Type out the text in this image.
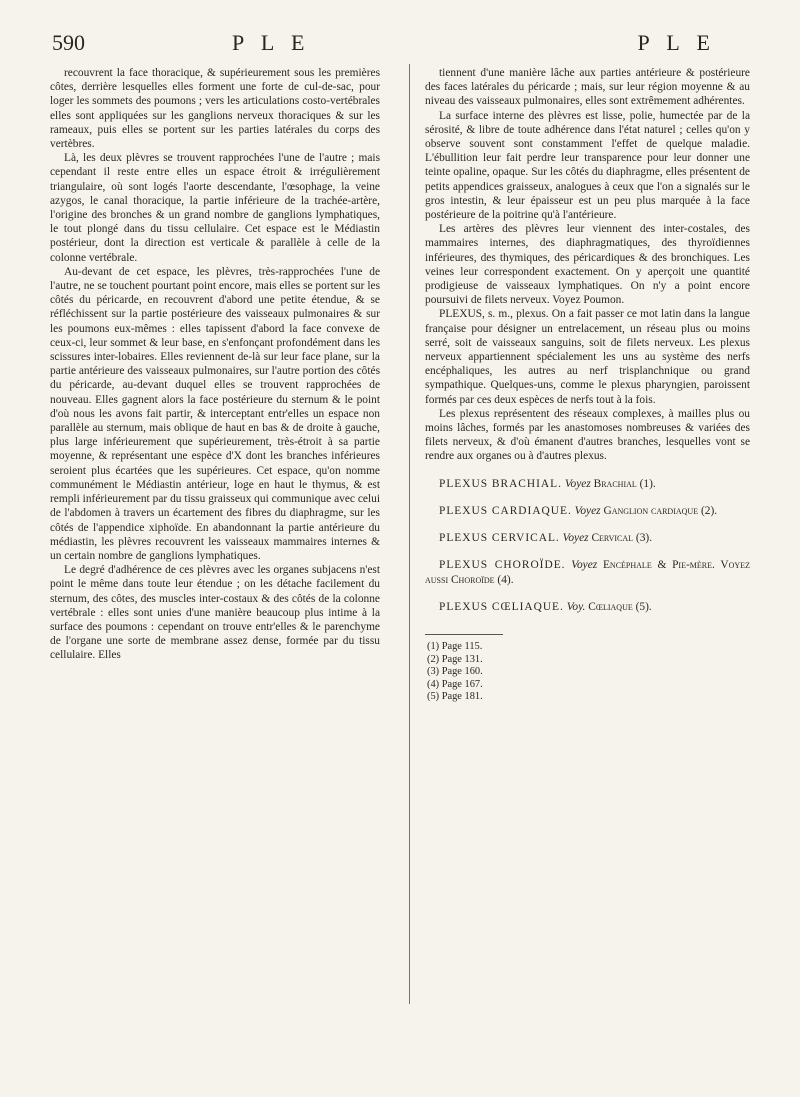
590	P L E	P L E

recouvrent la face thoracique, & supérieurement sous les premières côtes, derrière lesquelles elles forment une forte de cul-de-sac, pour loger les sommets des poumons ; vers les articulations costo-vertébrales elles sont appliquées sur les ganglions nerveux thoraciques & sur les rameaux, puis elles se portent sur les parties latérales du corps des vertèbres.

Là, les deux plèvres se trouvent rapprochées l'une de l'autre ; mais cependant il reste entre elles un espace étroit & irrégulièrement triangulaire, où sont logés l'aorte descendante, l'œsophage, la veine azygos, le canal thoracique, la partie inférieure de la trachée-artère, l'origine des bronches & un grand nombre de ganglions lymphatiques, le tout plongé dans du tissu cellulaire. Cet espace est le Médiastin postérieur, dont la direction est verticale & parallèle à celle de la colonne vertébrale.

Au-devant de cet espace, les plèvres, très-rapprochées l'une de l'autre, ne se touchent pourtant point encore, mais elles se portent sur les côtés du péricarde, en recouvrent d'abord une petite étendue, & se réfléchissent sur la partie postérieure des vaisseaux pulmonaires & sur les poumons eux-mêmes : elles tapissent d'abord la face convexe de ceux-ci, leur sommet & leur base, en s'enfonçant profondément dans les scissures inter-lobaires. Elles reviennent de-là sur leur face plane, sur la partie antérieure des vaisseaux pulmonaires, sur l'autre portion des côtés du péricarde, au-devant duquel elles se trouvent rapprochées de nouveau. Elles gagnent alors la face postérieure du sternum & le point d'où nous les avons fait partir, & interceptant entr'elles un espace non parallèle au sternum, mais oblique de haut en bas & de droite à gauche, plus large inférieurement que supérieurement, très-étroit à sa partie moyenne, & représentant une espèce d'X dont les branches inférieures seroient plus écartées que les supérieures. Cet espace, qu'on nomme communément le Médiastin antérieur, loge en haut le thymus, & est rempli inférieurement par du tissu graisseux qui communique avec celui de l'abdomen à travers un écartement des fibres du diaphragme, sur les côtés de l'appendice xiphoïde. En abandonnant la partie antérieure du médiastin, les plèvres recouvrent les vaisseaux mammaires internes & un certain nombre de ganglions lymphatiques.

Le degré d'adhérence de ces plèvres avec les organes subjacens n'est point le même dans toute leur étendue ; on les détache facilement du sternum, des côtes, des muscles inter-costaux & des côtés de la colonne vertébrale : elles sont unies d'une manière beaucoup plus intime à la surface des poumons : cependant on trouve entr'elles & le parenchyme de l'organe une sorte de membrane assez dense, formée par du tissu cellulaire. Elles

tiennent d'une manière lâche aux parties antérieure & postérieure des faces latérales du péricarde ; mais, sur leur région moyenne & au niveau des vaisseaux pulmonaires, elles sont extrêmement adhérentes.

La surface interne des plèvres est lisse, polie, humectée par de la sérosité, & libre de toute adhérence dans l'état naturel ; celles qu'on y observe souvent sont constamment l'effet de quelque maladie. L'ébullition leur fait perdre leur transparence pour leur donner une teinte opaline, opaque. Sur les côtés du diaphragme, elles présentent de petits appendices graisseux, analogues à ceux que l'on a signalés sur le gros intestin, & leur épaisseur est un peu plus marquée à la face postérieure de la poitrine qu'à l'antérieure.

Les artères des plèvres leur viennent des inter-costales, des mammaires internes, des diaphragmatiques, des thyroïdiennes inférieures, des thymiques, des péricardiques & des bronchiques. Les veines leur correspondent exactement. On y aperçoit une quantité prodigieuse de vaisseaux lymphatiques. On n'y a point encore poursuivi de filets nerveux. Voyez Poumon.

PLEXUS, s. m., plexus. On a fait passer ce mot latin dans la langue française pour désigner un entrelacement, un réseau plus ou moins serré, soit de vaisseaux sanguins, soit de filets nerveux. Les plexus nerveux appartiennent spécialement les uns au système des nerfs encéphaliques, les autres au nerf trisplanchnique ou grand sympathique. Quelques-uns, comme le plexus pharyngien, paroissent formés par ces deux espèces de nerfs tout à la fois.

Les plexus représentent des réseaux complexes, à mailles plus ou moins lâches, formés par les anastomoses nombreuses & variées des filets nerveux, & d'où émanent d'autres branches, lesquelles vont se rendre aux organes ou à d'autres plexus.

PLEXUS BRACHIAL. Voyez Brachial (1).

PLEXUS CARDIAQUE. Voyez Ganglion cardiaque (2).

PLEXUS CERVICAL. Voyez Cervical (3).

PLEXUS CHOROÏDE. Voyez Encéphale & Pie-mère. Voyez aussi Choroïde (4).

PLEXUS CŒLIAQUE. Voy. Cœliaque (5).

(1) Page 115.
(2) Page 131.
(3) Page 160.
(4) Page 167.
(5) Page 181.
